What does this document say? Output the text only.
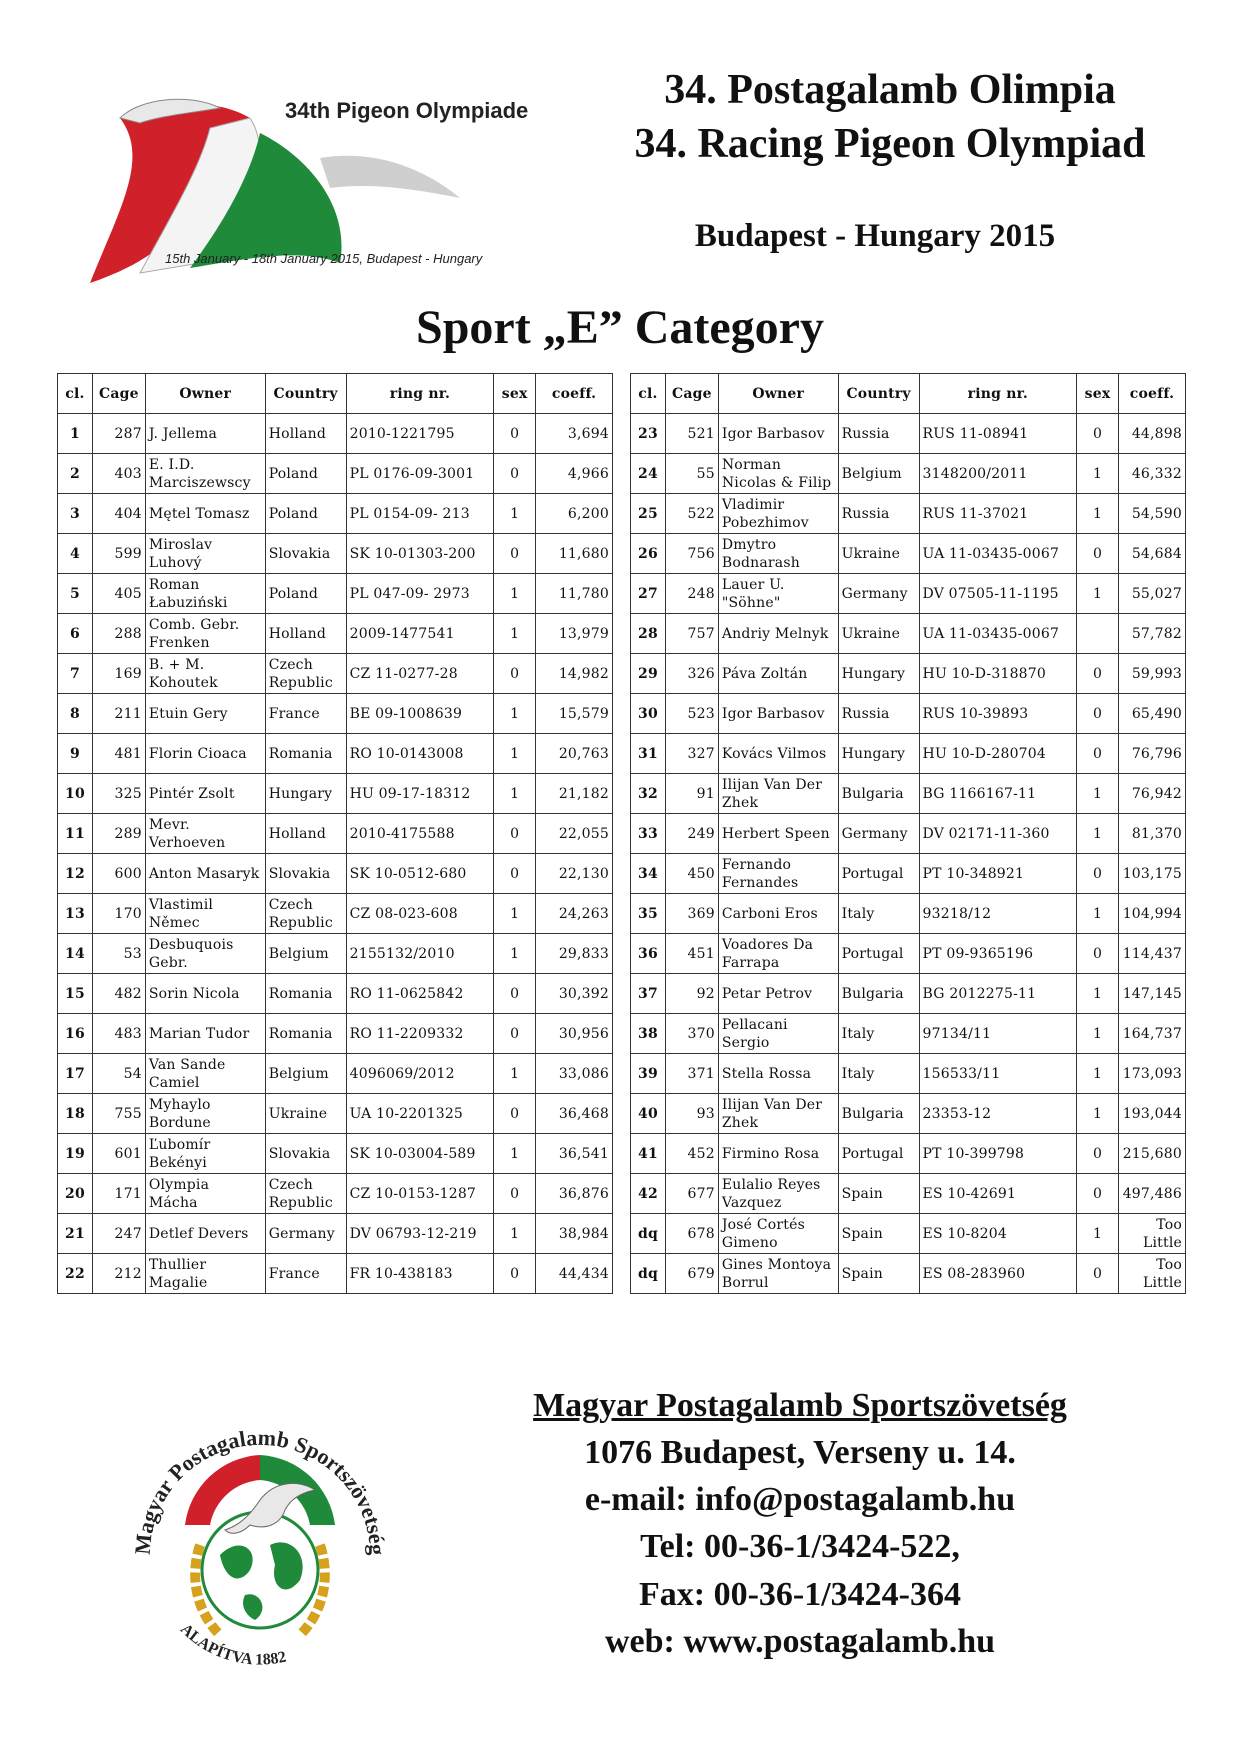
34th Pigeon Olympiade
15th January - 18th January 2015, Budapest - Hungary
34. Postagalamb Olimpia
34. Racing Pigeon Olympiad
Budapest - Hungary 2015
Sport „E” Category
cl.	Cage	Owner	Country	ring nr.	sex	coeff.
1	287	J. Jellema	Holland	2010-1221795	0	3,694
2	403	E. I.D. Marciszewscy	Poland	PL 0176-09-3001	0	4,966
3	404	Mętel Tomasz	Poland	PL 0154-09- 213	1	6,200
4	599	Miroslav Luhový	Slovakia	SK 10-01303-200	0	11,680
5	405	Roman Łabuziński	Poland	PL 047-09- 2973	1	11,780
6	288	Comb. Gebr. Frenken	Holland	2009-1477541	1	13,979
7	169	B. + M. Kohoutek	Czech Republic	CZ 11-0277-28	0	14,982
8	211	Etuin Gery	France	BE 09-1008639	1	15,579
9	481	Florin Cioaca	Romania	RO 10-0143008	1	20,763
10	325	Pintér Zsolt	Hungary	HU 09-17-18312	1	21,182
11	289	Mevr. Verhoeven	Holland	2010-4175588	0	22,055
12	600	Anton Masaryk	Slovakia	SK 10-0512-680	0	22,130
13	170	Vlastimil Němec	Czech Republic	CZ 08-023-608	1	24,263
14	53	Desbuquois Gebr.	Belgium	2155132/2010	1	29,833
15	482	Sorin Nicola	Romania	RO 11-0625842	0	30,392
16	483	Marian Tudor	Romania	RO 11-2209332	0	30,956
17	54	Van Sande Camiel	Belgium	4096069/2012	1	33,086
18	755	Myhaylo Bordune	Ukraine	UA 10-2201325	0	36,468
19	601	Ľubomír Bekényi	Slovakia	SK 10-03004-589	1	36,541
20	171	Olympia Mácha	Czech Republic	CZ 10-0153-1287	0	36,876
21	247	Detlef Devers	Germany	DV 06793-12-219	1	38,984
22	212	Thullier Magalie	France	FR 10-438183	0	44,434
cl.	Cage	Owner	Country	ring nr.	sex	coeff.
23	521	Igor Barbasov	Russia	RUS 11-08941	0	44,898
24	55	Norman Nicolas & Filip	Belgium	3148200/2011	1	46,332
25	522	Vladimir Pobezhimov	Russia	RUS 11-37021	1	54,590
26	756	Dmytro Bodnarash	Ukraine	UA 11-03435-0067	0	54,684
27	248	Lauer U. "Söhne"	Germany	DV 07505-11-1195	1	55,027
28	757	Andriy Melnyk	Ukraine	UA 11-03435-0067		57,782
29	326	Páva Zoltán	Hungary	HU 10-D-318870	0	59,993
30	523	Igor Barbasov	Russia	RUS 10-39893	0	65,490
31	327	Kovács Vilmos	Hungary	HU 10-D-280704	0	76,796
32	91	Ilijan Van Der Zhek	Bulgaria	BG 1166167-11	1	76,942
33	249	Herbert Speen	Germany	DV 02171-11-360	1	81,370
34	450	Fernando Fernandes	Portugal	PT 10-348921	0	103,175
35	369	Carboni Eros	Italy	93218/12	1	104,994
36	451	Voadores Da Farrapa	Portugal	PT 09-9365196	0	114,437
37	92	Petar Petrov	Bulgaria	BG 2012275-11	1	147,145
38	370	Pellacani Sergio	Italy	97134/11	1	164,737
39	371	Stella Rossa	Italy	156533/11	1	173,093
40	93	Ilijan Van Der Zhek	Bulgaria	23353-12	1	193,044
41	452	Firmino Rosa	Portugal	PT 10-399798	0	215,680
42	677	Eulalio Reyes Vazquez	Spain	ES 10-42691	0	497,486
dq	678	José Cortés Gimeno	Spain	ES 10-8204	1	Too Little
dq	679	Gines Montoya Borrul	Spain	ES 08-283960	0	Too Little
Magyar Postagalamb Sportszövetség
ALAPÍTVA 1882
Magyar Postagalamb Sportszövetség
1076 Budapest, Verseny u. 14.
e-mail: info@postagalamb.hu
Tel: 00-36-1/3424-522,
Fax: 00-36-1/3424-364
web: www.postagalamb.hu
